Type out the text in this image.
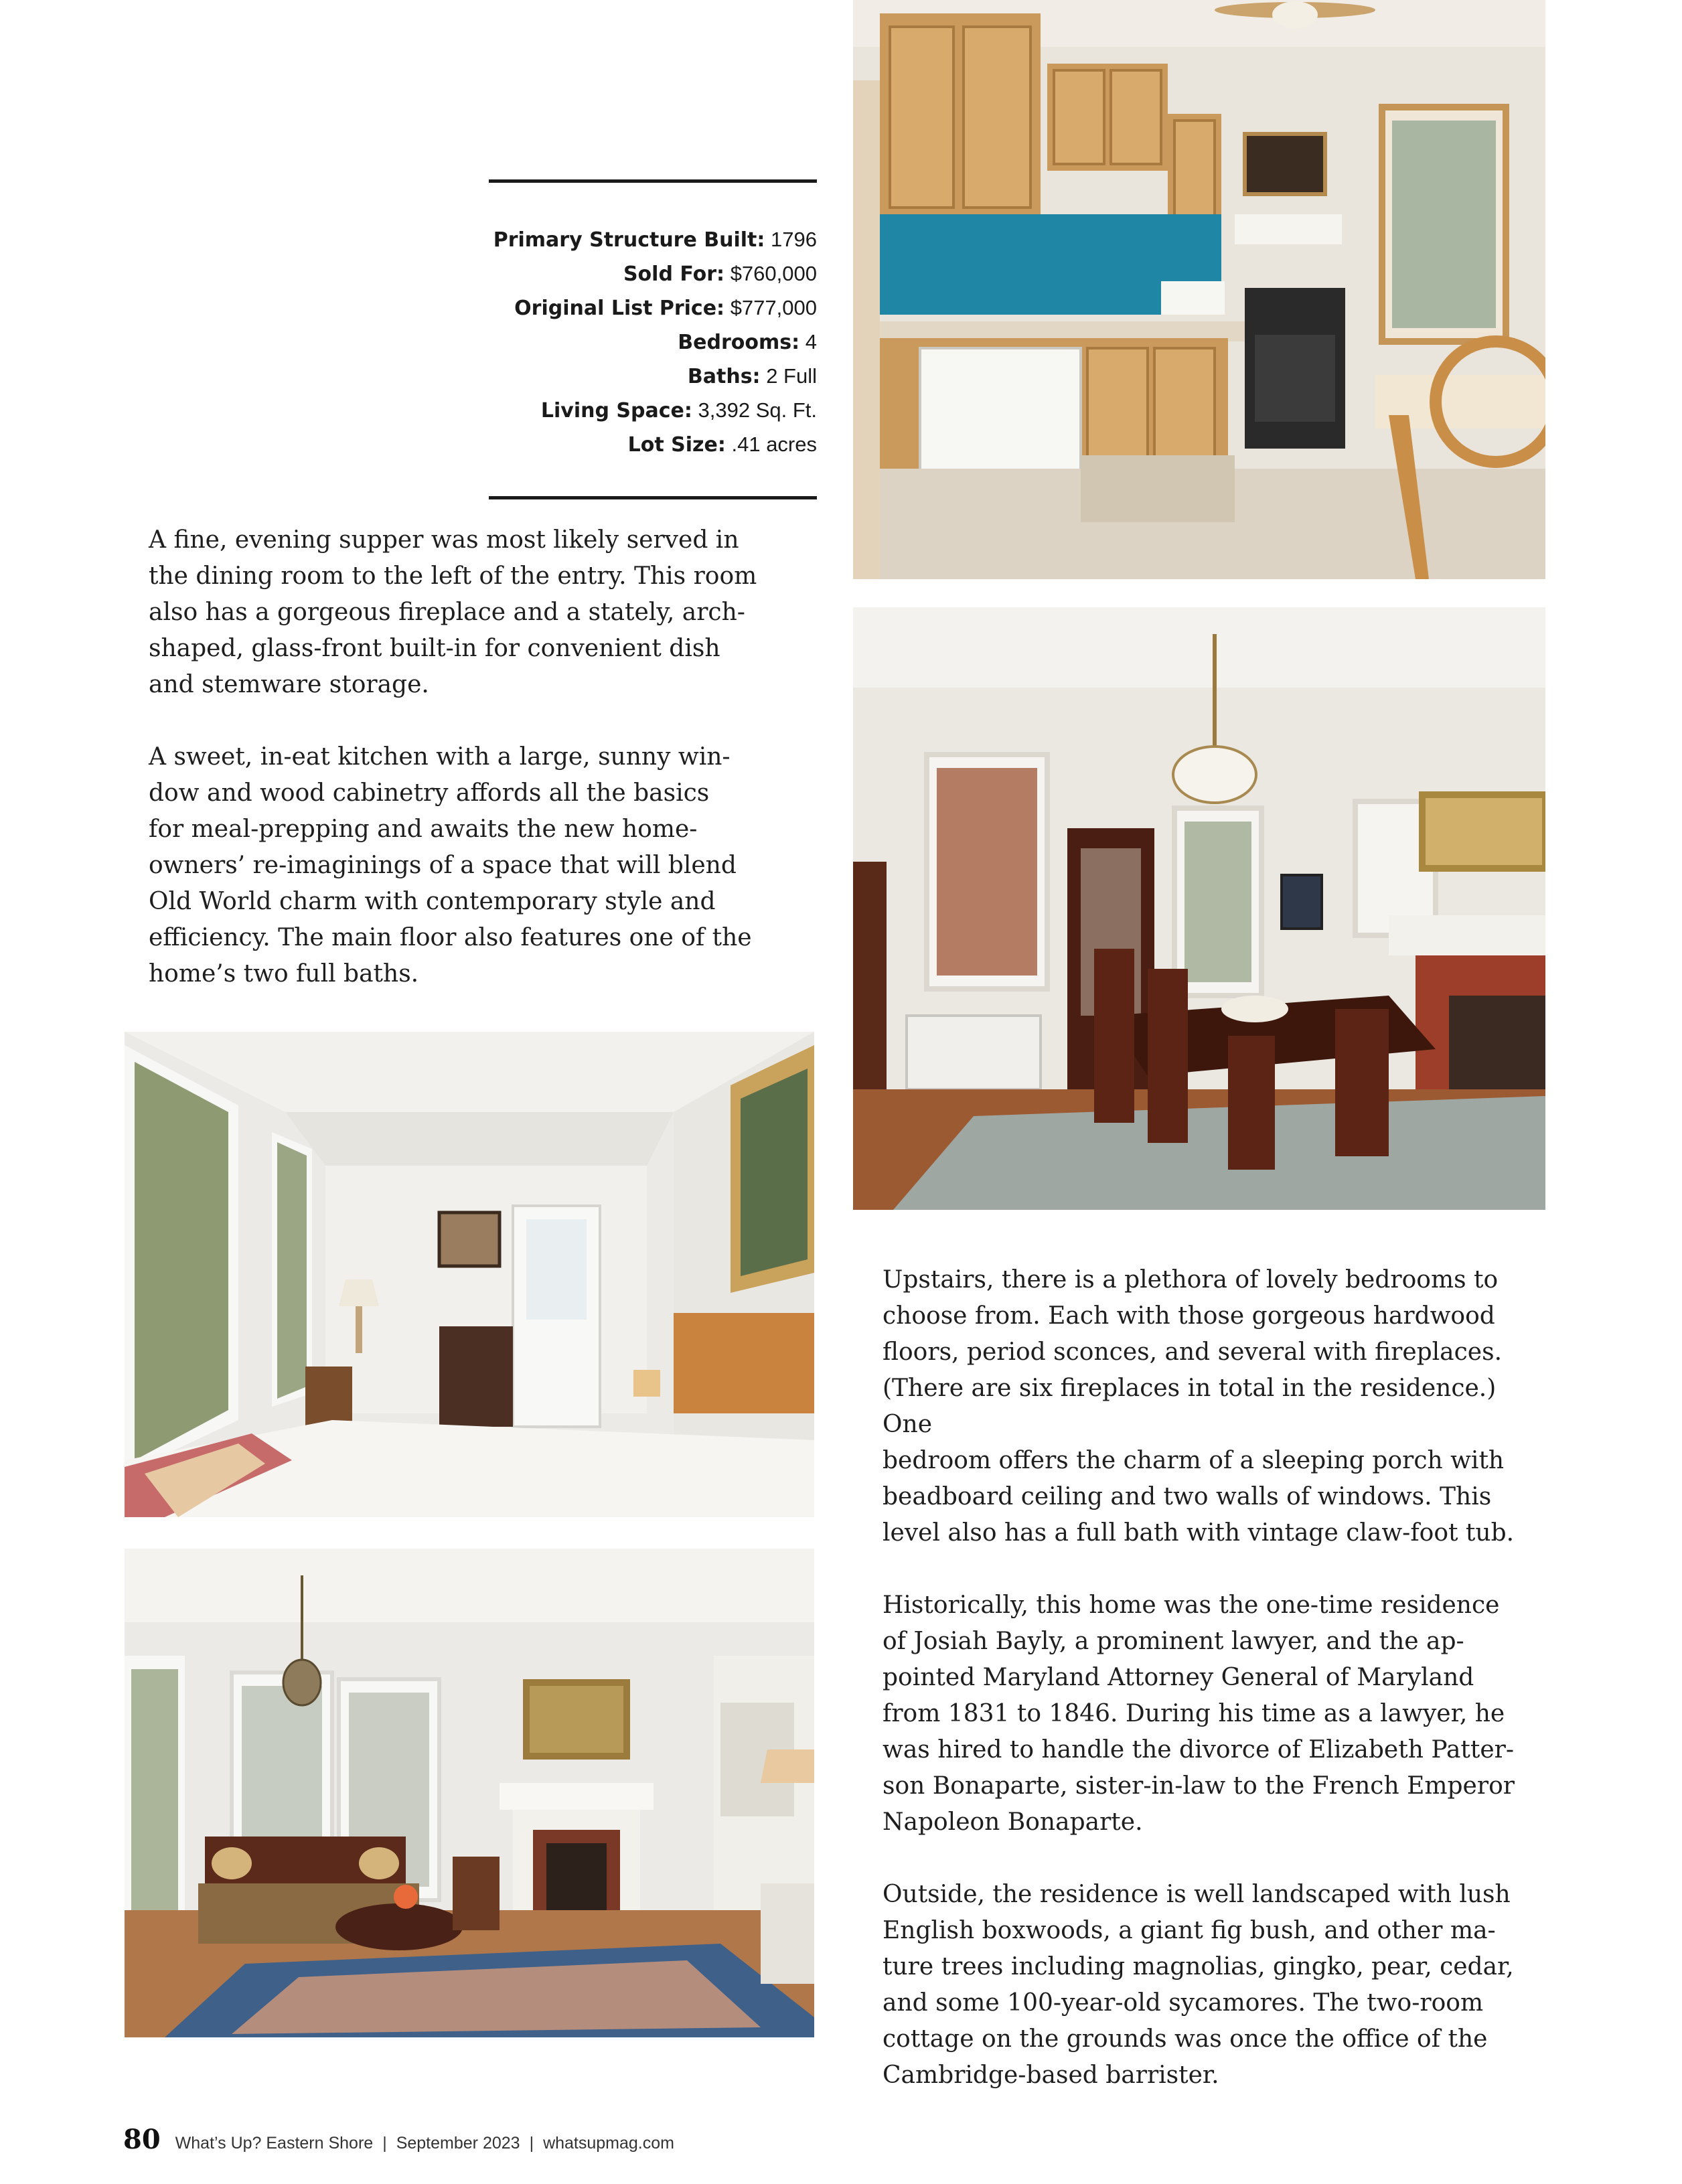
Primary Structure Built: 1796
Sold For: $760,000
Original List Price: $777,000
Bedrooms: 4
Baths: 2 Full
Living Space: 3,392 Sq. Ft.
Lot Size: .41 acres

A fine, evening supper was most likely served in
the dining room to the left of the entry. This room
also has a gorgeous fireplace and a stately, arch-
shaped, glass-front built-in for convenient dish
and stemware storage.

A sweet, in-eat kitchen with a large, sunny win-
dow and wood cabinetry affords all the basics
for meal-prepping and awaits the new home-
owners’ re-imaginings of a space that will blend
Old World charm with contemporary style and
efficiency. The main floor also features one of the
home’s two full baths.

Upstairs, there is a plethora of lovely bedrooms to
choose from. Each with those gorgeous hardwood
floors, period sconces, and several with fireplaces.
(There are six fireplaces in total in the residence.) One
bedroom offers the charm of a sleeping porch with
beadboard ceiling and two walls of windows. This
level also has a full bath with vintage claw-foot tub.

Historically, this home was the one-time residence
of Josiah Bayly, a prominent lawyer, and the ap-
pointed Maryland Attorney General of Maryland
from 1831 to 1846. During his time as a lawyer, he
was hired to handle the divorce of Elizabeth Patter-
son Bonaparte, sister-in-law to the French Emperor
Napoleon Bonaparte.

Outside, the residence is well landscaped with lush
English boxwoods, a giant fig bush, and other ma-
ture trees including magnolias, gingko, pear, cedar,
and some 100-year-old sycamores. The two-room
cottage on the grounds was once the office of the
Cambridge-based barrister.

80 What’s Up? Eastern Shore | September 2023 | whatsupmag.com
